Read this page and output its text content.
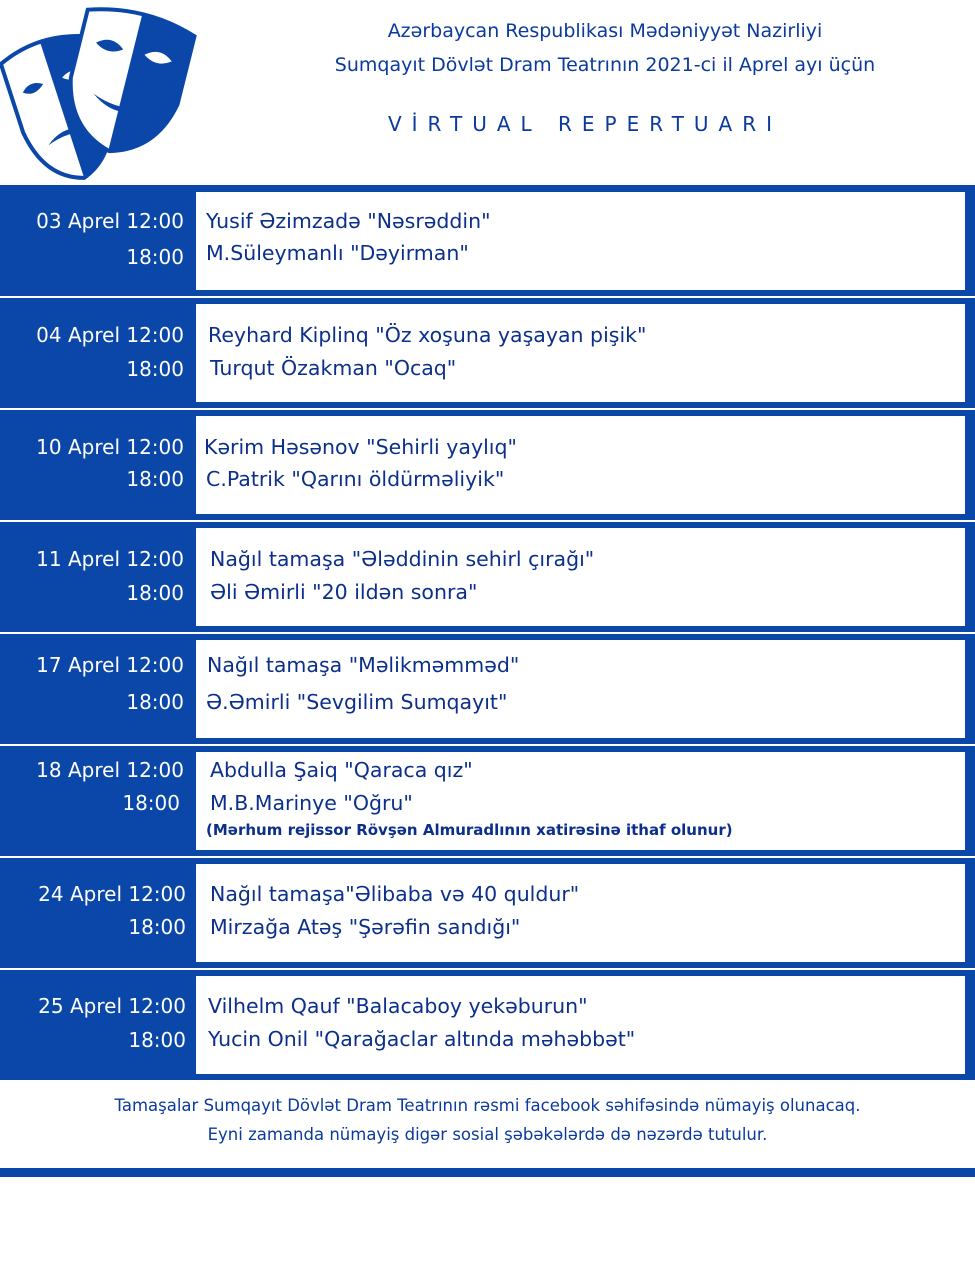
Azərbaycan Respublikası Mədəniyyət Nazirliyi
Sumqayıt Dövlət Dram Teatrının 2021-ci il Aprel ayı üçün
VİRTUAL REPERTUARI
03 Aprel 12:00
18:00
Yusif Əzimzadə "Nəsrəddin"
M.Süleymanlı "Dəyirman"
04 Aprel 12:00
18:00
Reyhard Kiplinq "Öz xoşuna yaşayan pişik"
Turqut Özakman "Ocaq"
10 Aprel 12:00
18:00
Kərim Həsənov "Sehirli yaylıq"
C.Patrik "Qarını öldürməliyik"
11 Aprel 12:00
18:00
Nağıl tamaşa "Ələddinin sehirl çırağı"
Əli Əmirli "20 ildən sonra"
17 Aprel 12:00
18:00
Nağıl tamaşa "Məlikməmməd"
Ə.Əmirli "Sevgilim Sumqayıt"
18 Aprel 12:00
18:00
Abdulla Şaiq "Qaraca qız"
M.B.Marinye "Oğru"
(Mərhum rejissor Rövşən Almuradlının xatirəsinə ithaf olunur)
24 Aprel 12:00
18:00
Nağıl tamaşa"Əlibaba və 40 quldur"
Mirzağa Atəş "Şərəfin sandığı"
25 Aprel 12:00
18:00
Vilhelm Qauf "Balacaboy yekəburun"
Yucin Onil "Qarağaclar altında məhəbbət"
Tamaşalar Sumqayıt Dövlət Dram Teatrının rəsmi facebook səhifəsində nümayiş olunacaq.
Eyni zamanda nümayiş digər sosial şəbəkələrdə də nəzərdə tutulur.
